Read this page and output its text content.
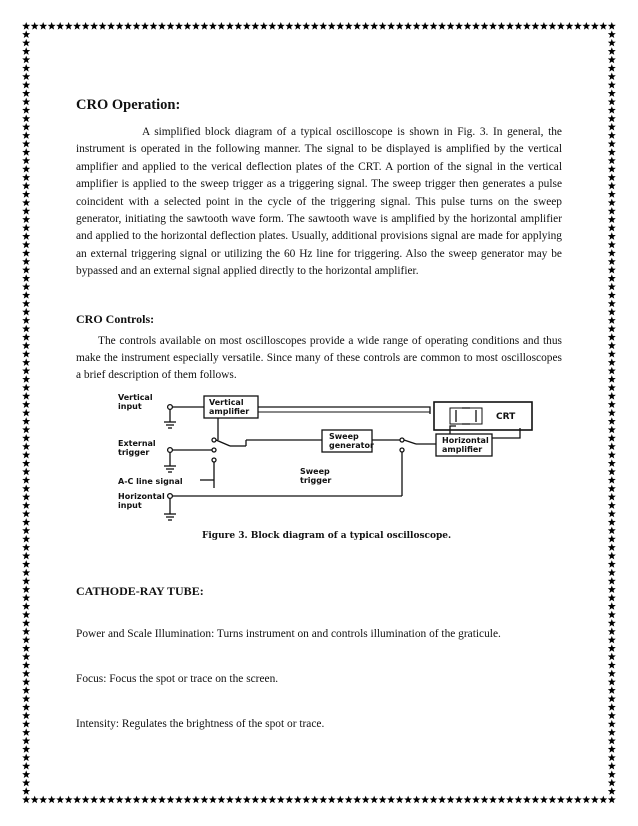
CRO Operation:

A simplified block diagram of a typical oscilloscope is shown in Fig. 3. In general, the instrument is operated in the following manner. The signal to be displayed is amplified by the vertical amplifier and applied to the verical deflection plates of the CRT. A portion of the signal in the vertical amplifier is applied to the sweep trigger as a triggering signal. The sweep trigger then generates a pulse coincident with a selected point in the cycle of the triggering signal. This pulse turns on the sweep generator, initiating the sawtooth wave form. The sawtooth wave is amplified by the horizontal amplifier and applied to the horizontal deflection plates. Usually, additional provisions signal are made for applying an external triggering signal or utilizing the 60 Hz line for triggering. Also the sweep generator may be bypassed and an external signal applied directly to the horizontal amplifier.

CRO Controls:

The controls available on most oscilloscopes provide a wide range of operating conditions and thus make the instrument especially versatile. Since many of these controls are common to most oscilloscopes a brief description of them follows.

Vertical
input
External
trigger
A-C line signal
Horizontal
input
Vertical
amplifier
Sweep
generator
Sweep
trigger
Horizontal
amplifier
CRT
Figure 3. Block diagram of a typical oscilloscope.
CATHODE-RAY TUBE:
Power and Scale Illumination: Turns instrument on and controls illumination of the graticule.
Focus: Focus the spot or trace on the screen.
Intensity: Regulates the brightness of the spot or trace.
